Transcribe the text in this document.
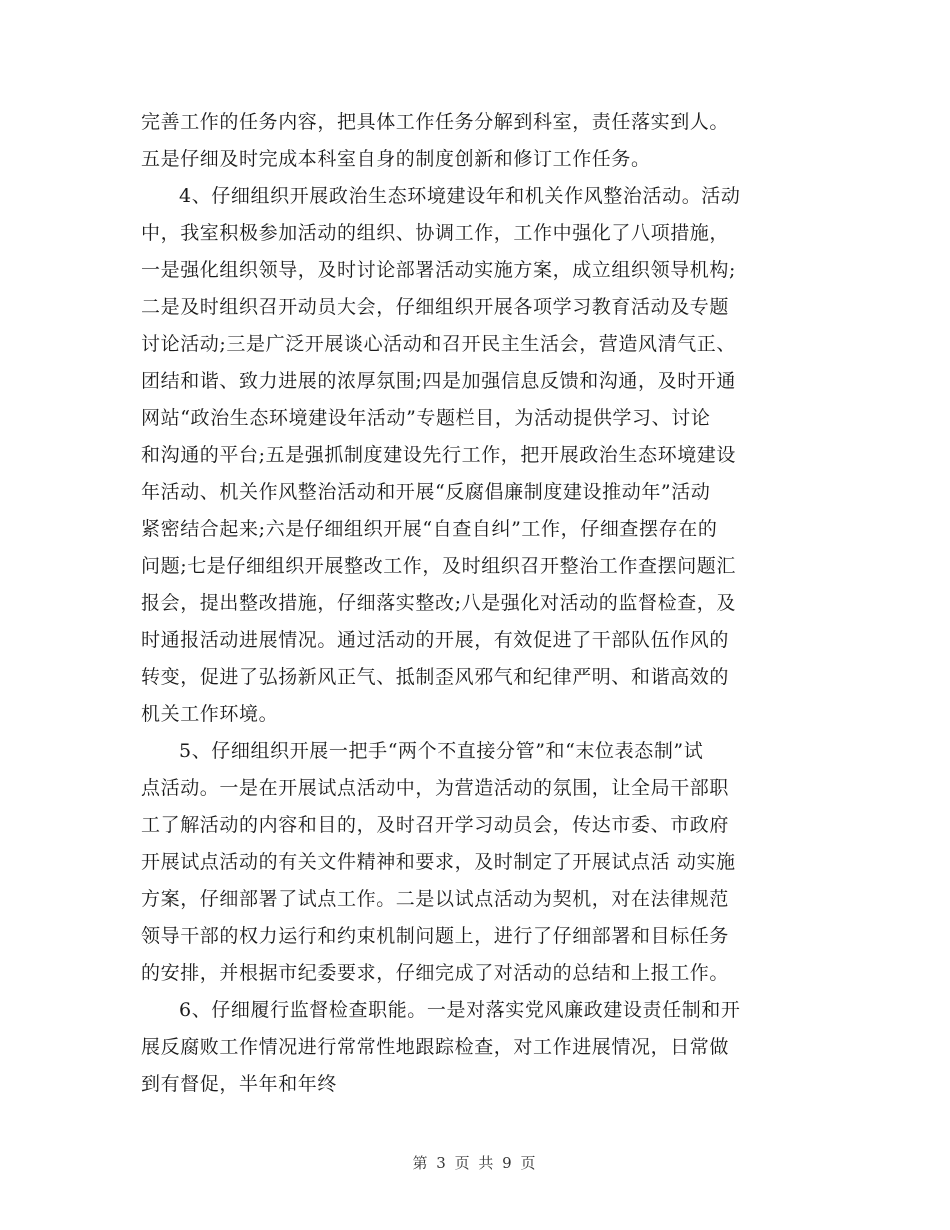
完善工作的任务内容，把具体工作任务分解到科室，责任落实到人。
五是仔细及时完成本科室自身的制度创新和修订工作任务。
4、仔细组织开展政治生态环境建设年和机关作风整治活动。活动
中，我室积极参加活动的组织、协调工作，工作中强化了八项措施，
一是强化组织领导，及时讨论部署活动实施方案，成立组织领导机构;
二是及时组织召开动员大会，仔细组织开展各项学习教育活动及专题
讨论活动;三是广泛开展谈心活动和召开民主生活会，营造风清气正、
团结和谐、致力进展的浓厚氛围;四是加强信息反馈和沟通，及时开通
网站“政治生态环境建设年活动”专题栏目，为活动提供学习、讨论
和沟通的平台;五是强抓制度建设先行工作，把开展政治生态环境建设
年活动、机关作风整治活动和开展“反腐倡廉制度建设推动年”活动
紧密结合起来;六是仔细组织开展“自查自纠”工作，仔细查摆存在的
问题;七是仔细组织开展整改工作，及时组织召开整治工作查摆问题汇
报会，提出整改措施，仔细落实整改;八是强化对活动的监督检查，及
时通报活动进展情况。通过活动的开展，有效促进了干部队伍作风的
转变，促进了弘扬新风正气、抵制歪风邪气和纪律严明、和谐高效的
机关工作环境。
5、仔细组织开展一把手“两个不直接分管”和“末位表态制”试
点活动。一是在开展试点活动中，为营造活动的氛围，让全局干部职
工了解活动的内容和目的，及时召开学习动员会，传达市委、市政府
开展试点活动的有关文件精神和要求，及时制定了开展试点活 动实施
方案，仔细部署了试点工作。二是以试点活动为契机，对在法律规范
领导干部的权力运行和约束机制问题上，进行了仔细部署和目标任务
的安排，并根据市纪委要求，仔细完成了对活动的总结和上报工作。
6、仔细履行监督检查职能。一是对落实党风廉政建设责任制和开
展反腐败工作情况进行常常性地跟踪检查，对工作进展情况，日常做
到有督促，半年和年终
第 3 页 共 9 页
